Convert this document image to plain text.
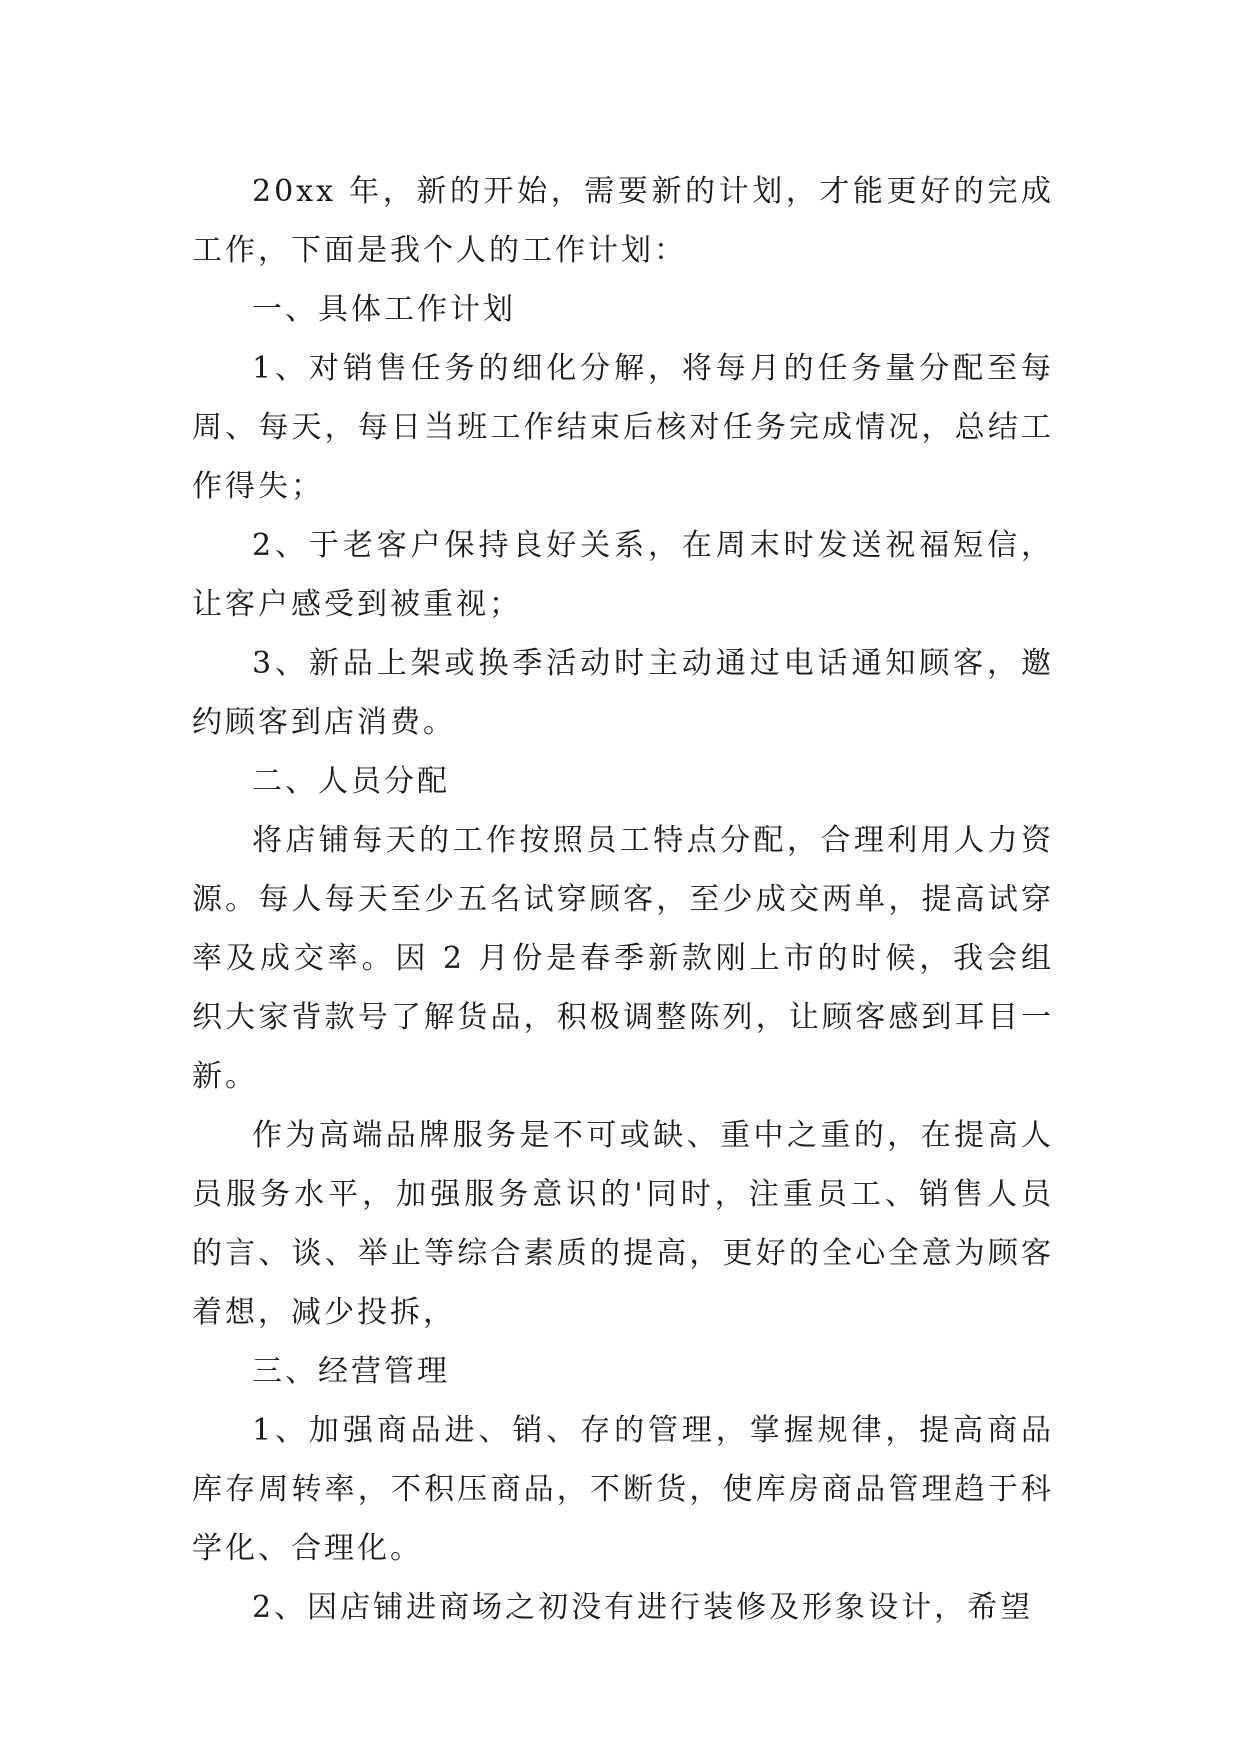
20xx 年，新的开始，需要新的计划，才能更好的完成工作，下面是我个人的工作计划：

一、具体工作计划

1、对销售任务的细化分解，将每月的任务量分配至每周、每天，每日当班工作结束后核对任务完成情况，总结工作得失；

2、于老客户保持良好关系，在周末时发送祝福短信，让客户感受到被重视；

3、新品上架或换季活动时主动通过电话通知顾客，邀约顾客到店消费。

二、人员分配

将店铺每天的工作按照员工特点分配，合理利用人力资源。每人每天至少五名试穿顾客，至少成交两单，提高试穿率及成交率。因 2 月份是春季新款刚上市的时候，我会组织大家背款号了解货品，积极调整陈列，让顾客感到耳目一新。

作为高端品牌服务是不可或缺、重中之重的，在提高人员服务水平，加强服务意识的'同时，注重员工、销售人员的言、谈、举止等综合素质的提高，更好的全心全意为顾客着想，减少投拆，

三、经营管理

1、加强商品进、销、存的管理，掌握规律，提高商品库存周转率，不积压商品，不断货，使库房商品管理趋于科学化、合理化。

2、因店铺进商场之初没有进行装修及形象设计，希望
